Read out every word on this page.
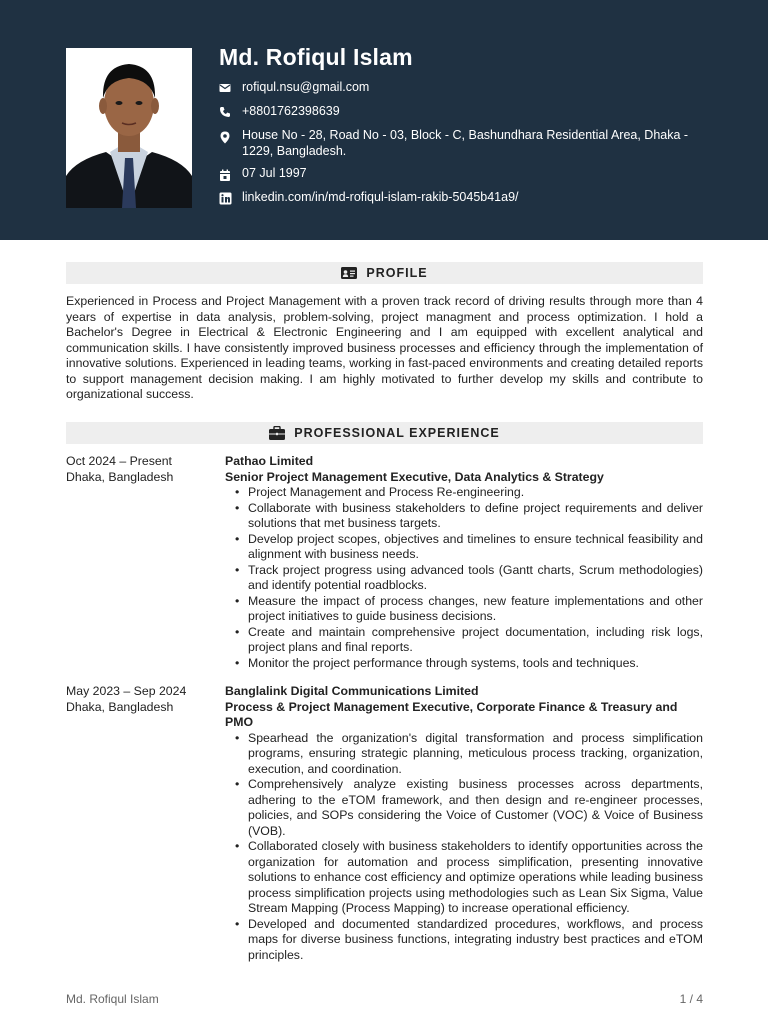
Md. Rofiqul Islam
rofiqul.nsu@gmail.com
+8801762398639
House No - 28, Road No - 03, Block - C, Bashundhara Residential Area, Dhaka - 1229, Bangladesh.
07 Jul 1997
linkedin.com/in/md-rofiqul-islam-rakib-5045b41a9/
PROFILE
Experienced in Process and Project Management with a proven track record of driving results through more than 4 years of expertise in data analysis, problem-solving, project managment and process optimization. I hold a Bachelor's Degree in Electrical & Electronic Engineering and I am equipped with excellent analytical and communication skills. I have consistently improved business processes and efficiency through the implementation of innovative solutions. Experienced in leading teams, working in fast-paced environments and creating detailed reports to support management decision making. I am highly motivated to further develop my skills and contribute to organizational success.
PROFESSIONAL EXPERIENCE
Oct 2024 – Present
Dhaka, Bangladesh
Pathao Limited
Senior Project Management Executive, Data Analytics & Strategy
• Project Management and Process Re-engineering.
• Collaborate with business stakeholders to define project requirements and deliver solutions that met business targets.
• Develop project scopes, objectives and timelines to ensure technical feasibility and alignment with business needs.
• Track project progress using advanced tools (Gantt charts, Scrum methodologies) and identify potential roadblocks.
• Measure the impact of process changes, new feature implementations and other project initiatives to guide business decisions.
• Create and maintain comprehensive project documentation, including risk logs, project plans and final reports.
• Monitor the project performance through systems, tools and techniques.
May 2023 – Sep 2024
Dhaka, Bangladesh
Banglalink Digital Communications Limited
Process & Project Management Executive, Corporate Finance & Treasury and PMO
• Spearhead the organization's digital transformation and process simplification programs, ensuring strategic planning, meticulous process tracking, organization, execution, and coordination.
• Comprehensively analyze existing business processes across departments, adhering to the eTOM framework, and then design and re-engineer processes, policies, and SOPs considering the Voice of Customer (VOC) & Voice of Business (VOB).
• Collaborated closely with business stakeholders to identify opportunities across the organization for automation and process simplification, presenting innovative solutions to enhance cost efficiency and optimize operations while leading business process simplification projects using methodologies such as Lean Six Sigma, Value Stream Mapping (Process Mapping) to increase operational efficiency.
• Developed and documented standardized procedures, workflows, and process maps for diverse business functions, integrating industry best practices and eTOM principles.
Md. Rofiqul Islam	1 / 4
